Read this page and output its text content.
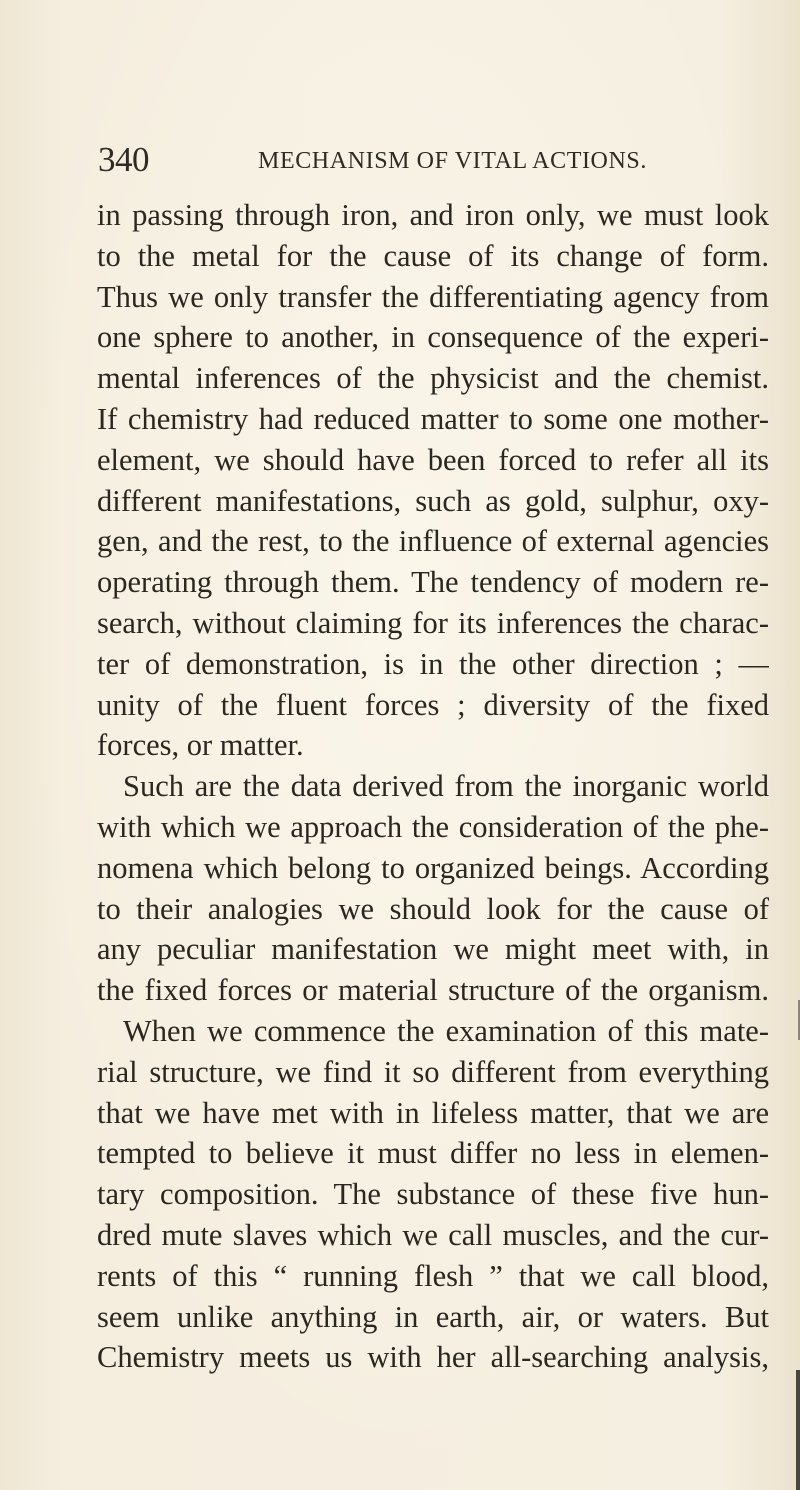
340	MECHANISM OF VITAL ACTIONS.
in passing through iron, and iron only, we must look
to the metal for the cause of its change of form.
Thus we only transfer the differentiating agency from
one sphere to another, in consequence of the experi-
mental inferences of the physicist and the chemist.
If chemistry had reduced matter to some one mother-
element, we should have been forced to refer all its
different manifestations, such as gold, sulphur, oxy-
gen, and the rest, to the influence of external agencies
operating through them. The tendency of modern re-
search, without claiming for its inferences the charac-
ter of demonstration, is in the other direction ; —
unity of the fluent forces ; diversity of the fixed
forces, or matter.
Such are the data derived from the inorganic world
with which we approach the consideration of the phe-
nomena which belong to organized beings. According
to their analogies we should look for the cause of
any peculiar manifestation we might meet with, in
the fixed forces or material structure of the organism.
When we commence the examination of this mate-
rial structure, we find it so different from everything
that we have met with in lifeless matter, that we are
tempted to believe it must differ no less in elemen-
tary composition. The substance of these five hun-
dred mute slaves which we call muscles, and the cur-
rents of this “ running flesh ” that we call blood,
seem unlike anything in earth, air, or waters. But
Chemistry meets us with her all-searching analysis,
